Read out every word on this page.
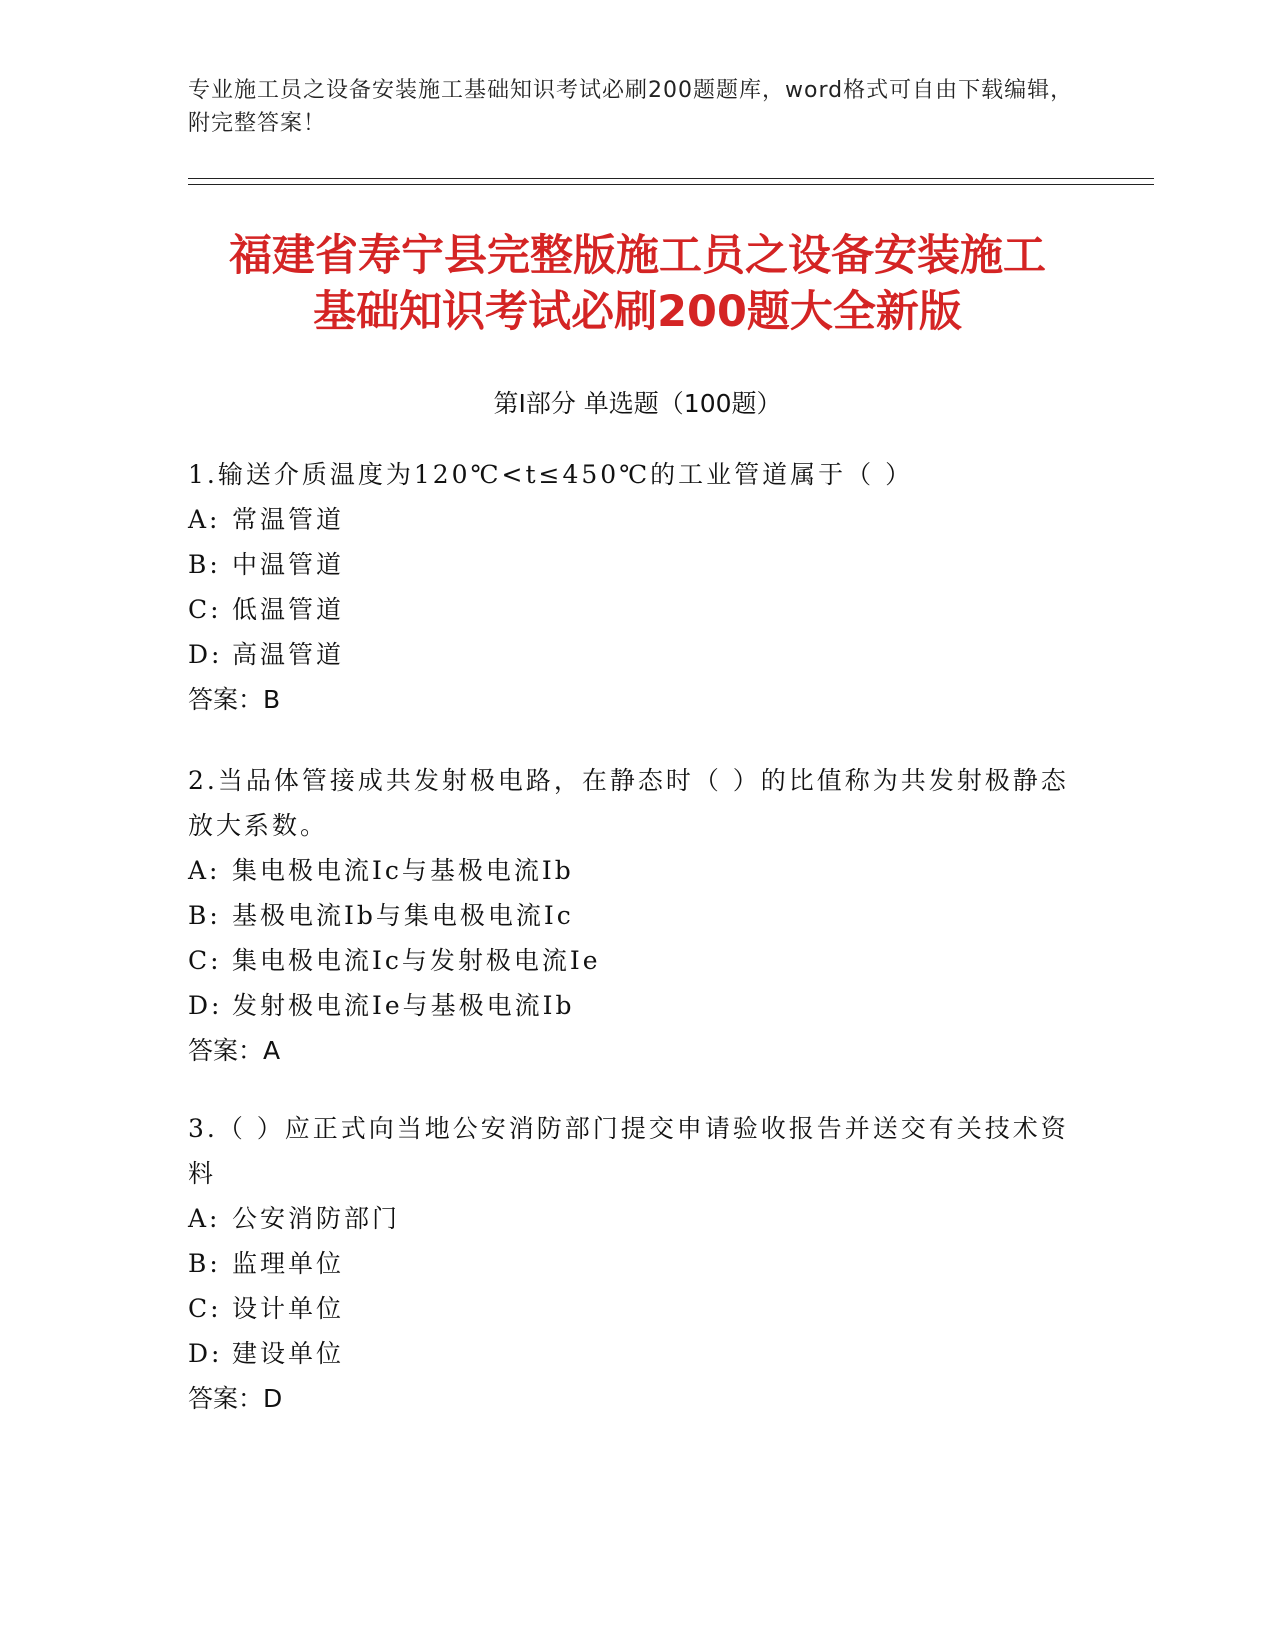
专业施工员之设备安装施工基础知识考试必刷200题题库，word格式可自由下载编辑，附完整答案！
福建省寿宁县完整版施工员之设备安装施工
基础知识考试必刷200题大全新版
第I部分 单选题（100题）
1.输送介质温度为120℃<t≤450℃的工业管道属于（ ）
A: 常温管道
B: 中温管道
C: 低温管道
D: 高温管道
答案：B
2.当品体管接成共发射极电路，在静态时（ ）的比值称为共发射极静态放大系数。
A: 集电极电流Ic与基极电流Ib
B: 基极电流Ib与集电极电流Ic
C: 集电极电流Ic与发射极电流Ie
D: 发射极电流Ie与基极电流Ib
答案：A
3.（ ）应正式向当地公安消防部门提交申请验收报告并送交有关技术资料
A: 公安消防部门
B: 监理单位
C: 设计单位
D: 建设单位
答案：D
